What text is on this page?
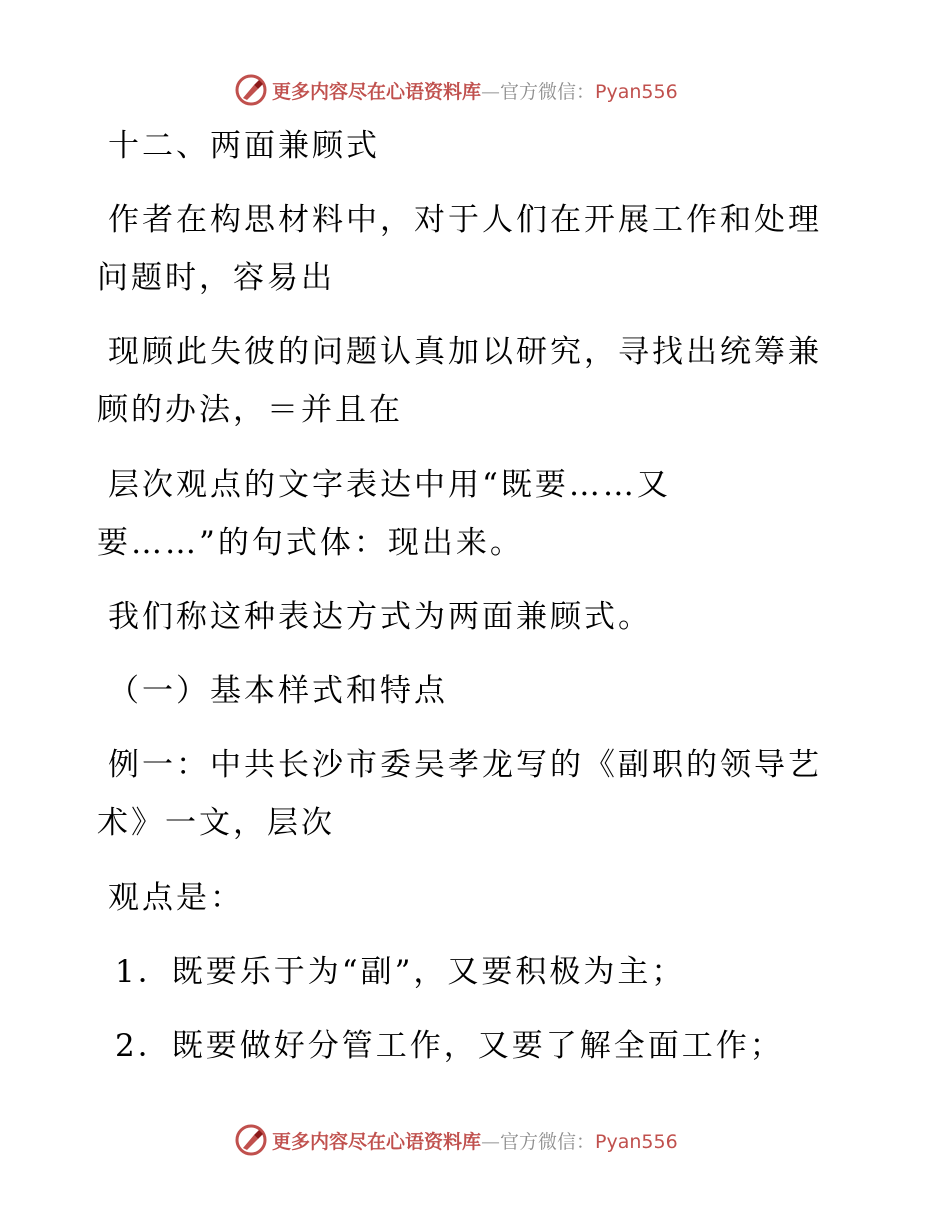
更多内容尽在心语资料库—官方微信：Pyan556
十二、两面兼顾式
作者在构思材料中，对于人们在开展工作和处理
问题时，容易出
现顾此失彼的问题认真加以研究，寻找出统筹兼
顾的办法，＝并且在
层次观点的文字表达中用“既要……又
要……”的句式体：现出来。
我们称这种表达方式为两面兼顾式。
（一）基本样式和特点
例一：中共长沙市委吴孝龙写的《副职的领导艺
术》一文，层次
观点是：
1．既要乐于为“副”，又要积极为主；
2．既要做好分管工作，又要了解全面工作；
更多内容尽在心语资料库—官方微信：Pyan556
